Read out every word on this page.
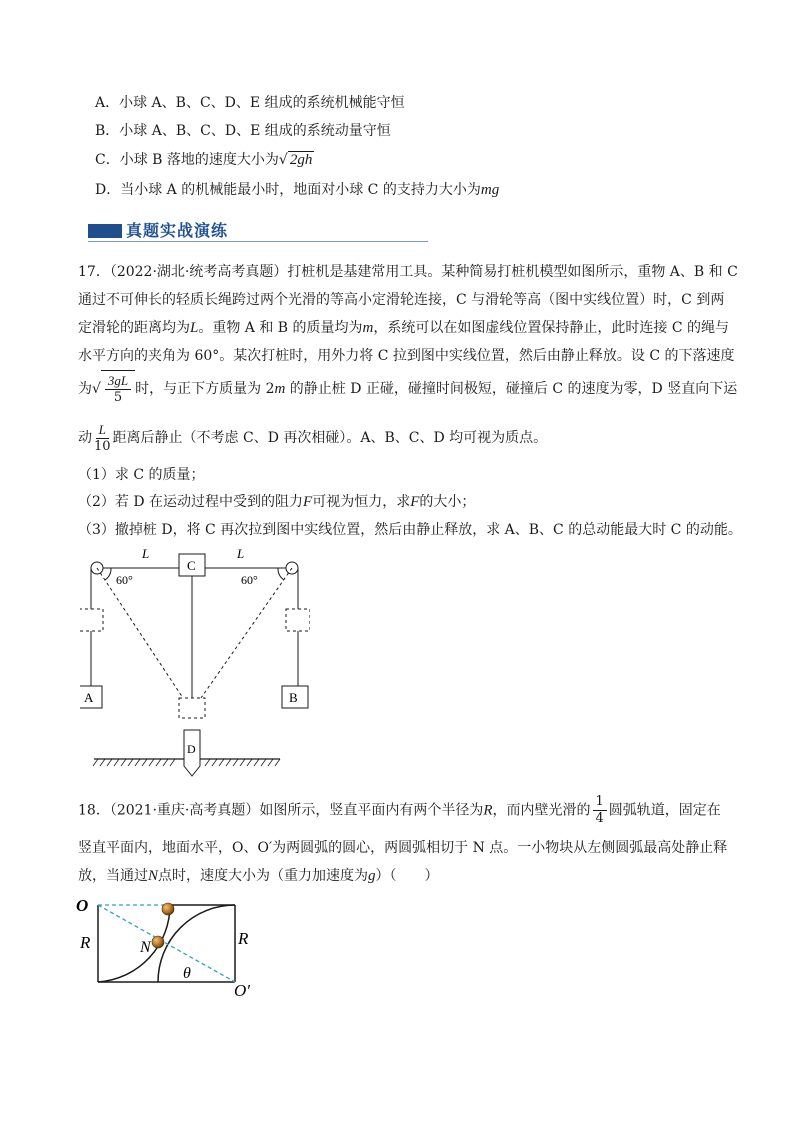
A．小球 A、B、C、D、E 组成的系统机械能守恒
B．小球 A、B、C、D、E 组成的系统动量守恒
C．小球 B 落地的速度大小为√ 2gh
D．当小球 A 的机械能最小时，地面对小球 C 的支持力大小为mg
真题实战演练
17．（2022·湖北·统考高考真题）打桩机是基建常用工具。某种简易打桩机模型如图所示，重物 A、B 和 C
通过不可伸长的轻质长绳跨过两个光滑的等高小定滑轮连接，C 与滑轮等高（图中实线位置）时，C 到两
定滑轮的距离均为L。重物 A 和 B 的质量均为m，系统可以在如图虚线位置保持静止，此时连接 C 的绳与
水平方向的夹角为 60°。某次打桩时，用外力将 C 拉到图中实线位置，然后由静止释放。设 C 的下落速度
为√ $\frac{3gL}{5}$ 时，与正下方质量为 2m 的静止桩 D 正碰，碰撞时间极短，碰撞后 C 的速度为零，D 竖直向下运
动 $\frac{L}{10}$ 距离后静止（不考虑 C、D 再次相碰）。A、B、C、D 均可视为质点。
（1）求 C 的质量；
（2）若 D 在运动过程中受到的阻力F可视为恒力，求F的大小；
（3）撤掉桩 D，将 C 再次拉到图中实线位置，然后由静止释放，求 A、B、C 的总动能最大时 C 的动能。
L	L
C
60°	60°
A	B
D
18．（2021·重庆·高考真题）如图所示，竖直平面内有两个半径为R，而内壁光滑的 $\frac{1}{4}$ 圆弧轨道，固定在
竖直平面内，地面水平，O、O′为两圆弧的圆心，两圆弧相切于 N 点。一小物块从左侧圆弧最高处静止释
放，当通过N点时，速度大小为（重力加速度为g）（　　）
O
R	R
N
θ
O′
